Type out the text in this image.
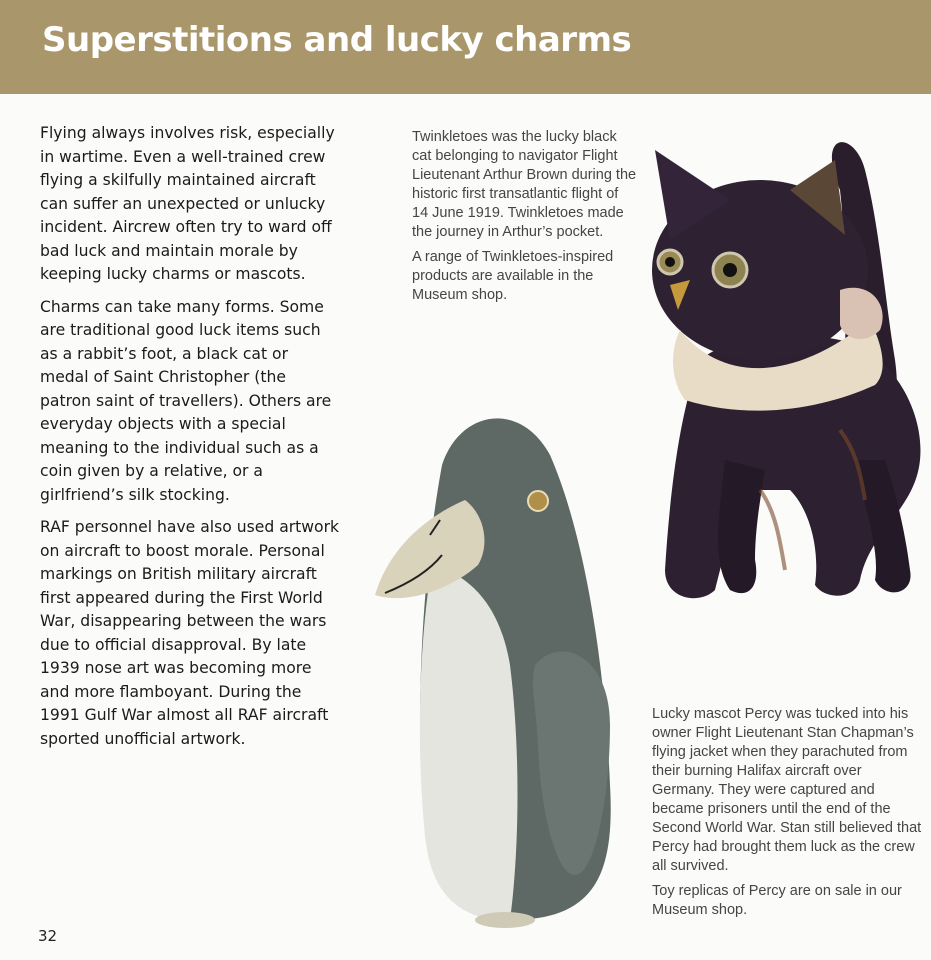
Superstitions and lucky charms

Flying always involves risk, especially in wartime. Even a well-trained crew flying a skilfully maintained aircraft can suffer an unexpected or unlucky incident. Aircrew often try to ward off bad luck and maintain morale by keeping lucky charms or mascots.

Charms can take many forms. Some are traditional good luck items such as a rabbit’s foot, a black cat or medal of Saint Christopher (the patron saint of travellers). Others are everyday objects with a special meaning to the individual such as a coin given by a relative, or a girlfriend’s silk stocking.

RAF personnel have also used artwork on aircraft to boost morale. Personal markings on British military aircraft first appeared during the First World War, disappearing between the wars due to official disapproval. By late 1939 nose art was becoming more and more flamboyant. During the 1991 Gulf War almost all RAF aircraft sported unofficial artwork.

Twinkletoes was the lucky black cat belonging to navigator Flight Lieutenant Arthur Brown during the historic first transatlantic flight of 14 June 1919. Twinkletoes made the journey in Arthur’s pocket.

A range of Twinkletoes-inspired products are available in the Museum shop.

Lucky mascot Percy was tucked into his owner Flight Lieutenant Stan Chapman’s flying jacket when they parachuted from their burning Halifax aircraft over Germany. They were captured and became prisoners until the end of the Second World War. Stan still believed that Percy had brought them luck as the crew all survived.

Toy replicas of Percy are on sale in our Museum shop.

32
